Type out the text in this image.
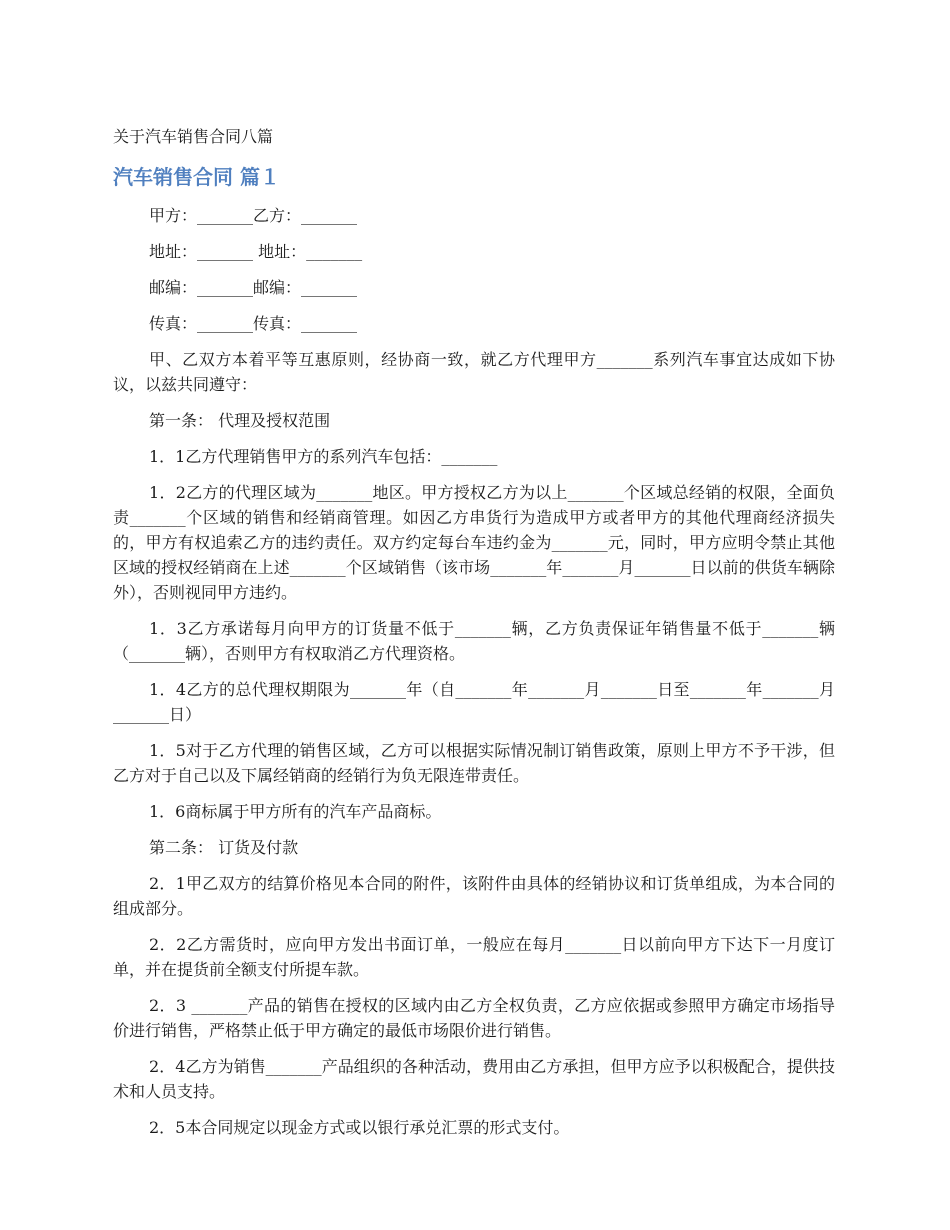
关于汽车销售合同八篇

汽车销售合同 篇１

甲方：_______乙方：_______

地址：_______ 地址：_______

邮编：_______邮编：_______

传真：_______传真：_______

甲、乙双方本着平等互惠原则，经协商一致，就乙方代理甲方_______系列汽车事宜达成如下协议，以兹共同遵守：

第一条： 代理及授权范围

1．1乙方代理销售甲方的系列汽车包括：_______

1．2乙方的代理区域为_______地区。甲方授权乙方为以上_______个区域总经销的权限，全面负责_______个区域的销售和经销商管理。如因乙方串货行为造成甲方或者甲方的其他代理商经济损失的，甲方有权追索乙方的违约责任。双方约定每台车违约金为_______元，同时，甲方应明令禁止其他区域的授权经销商在上述_______个区域销售（该市场_______年_______月_______日以前的供货车辆除外），否则视同甲方违约。

1．3乙方承诺每月向甲方的订货量不低于_______辆，乙方负责保证年销售量不低于_______辆（_______辆），否则甲方有权取消乙方代理资格。

1．4乙方的总代理权期限为_______年（自_______年_______月_______日至_______年_______月_______日）

1．5对于乙方代理的销售区域，乙方可以根据实际情况制订销售政策，原则上甲方不予干涉，但乙方对于自己以及下属经销商的经销行为负无限连带责任。

1．6商标属于甲方所有的汽车产品商标。

第二条： 订货及付款

2．1甲乙双方的结算价格见本合同的附件，该附件由具体的经销协议和订货单组成，为本合同的组成部分。

2．2乙方需货时，应向甲方发出书面订单，一般应在每月_______日以前向甲方下达下一月度订单，并在提货前全额支付所提车款。

2．3 _______产品的销售在授权的区域内由乙方全权负责，乙方应依据或参照甲方确定市场指导价进行销售，严格禁止低于甲方确定的最低市场限价进行销售。

2．4乙方为销售_______产品组织的各种活动，费用由乙方承担，但甲方应予以积极配合，提供技术和人员支持。

2．5本合同规定以现金方式或以银行承兑汇票的形式支付。
